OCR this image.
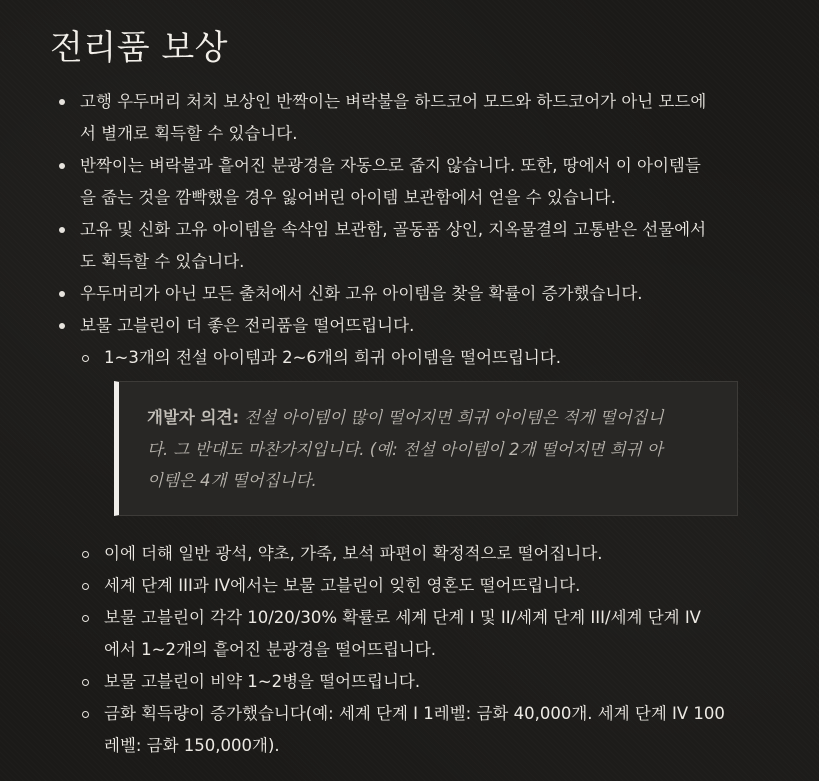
전리품 보상
고행 우두머리 처치 보상인 반짝이는 벼락불을 하드코어 모드와 하드코어가 아닌 모드에
서 별개로 획득할 수 있습니다.
반짝이는 벼락불과 흩어진 분광경을 자동으로 줍지 않습니다. 또한, 땅에서 이 아이템들
을 줍는 것을 깜빡했을 경우 잃어버린 아이템 보관함에서 얻을 수 있습니다.
고유 및 신화 고유 아이템을 속삭임 보관함, 골동품 상인, 지옥물결의 고통받은 선물에서
도 획득할 수 있습니다.
우두머리가 아닌 모든 출처에서 신화 고유 아이템을 찾을 확률이 증가했습니다.
보물 고블린이 더 좋은 전리품을 떨어뜨립니다.
1~3개의 전설 아이템과 2~6개의 희귀 아이템을 떨어뜨립니다.
개발자 의견: 전설 아이템이 많이 떨어지면 희귀 아이템은 적게 떨어집니
다. 그 반대도 마찬가지입니다. (예: 전설 아이템이 2개 떨어지면 희귀 아
이템은 4개 떨어집니다.
이에 더해 일반 광석, 약초, 가죽, 보석 파편이 확정적으로 떨어집니다.
세계 단계 III과 IV에서는 보물 고블린이 잊힌 영혼도 떨어뜨립니다.
보물 고블린이 각각 10/20/30% 확률로 세계 단계 I 및 II/세계 단계 III/세계 단계 IV
에서 1~2개의 흩어진 분광경을 떨어뜨립니다.
보물 고블린이 비약 1~2병을 떨어뜨립니다.
금화 획득량이 증가했습니다(예: 세계 단계 I 1레벨: 금화 40,000개. 세계 단계 IV 100
레벨: 금화 150,000개).
